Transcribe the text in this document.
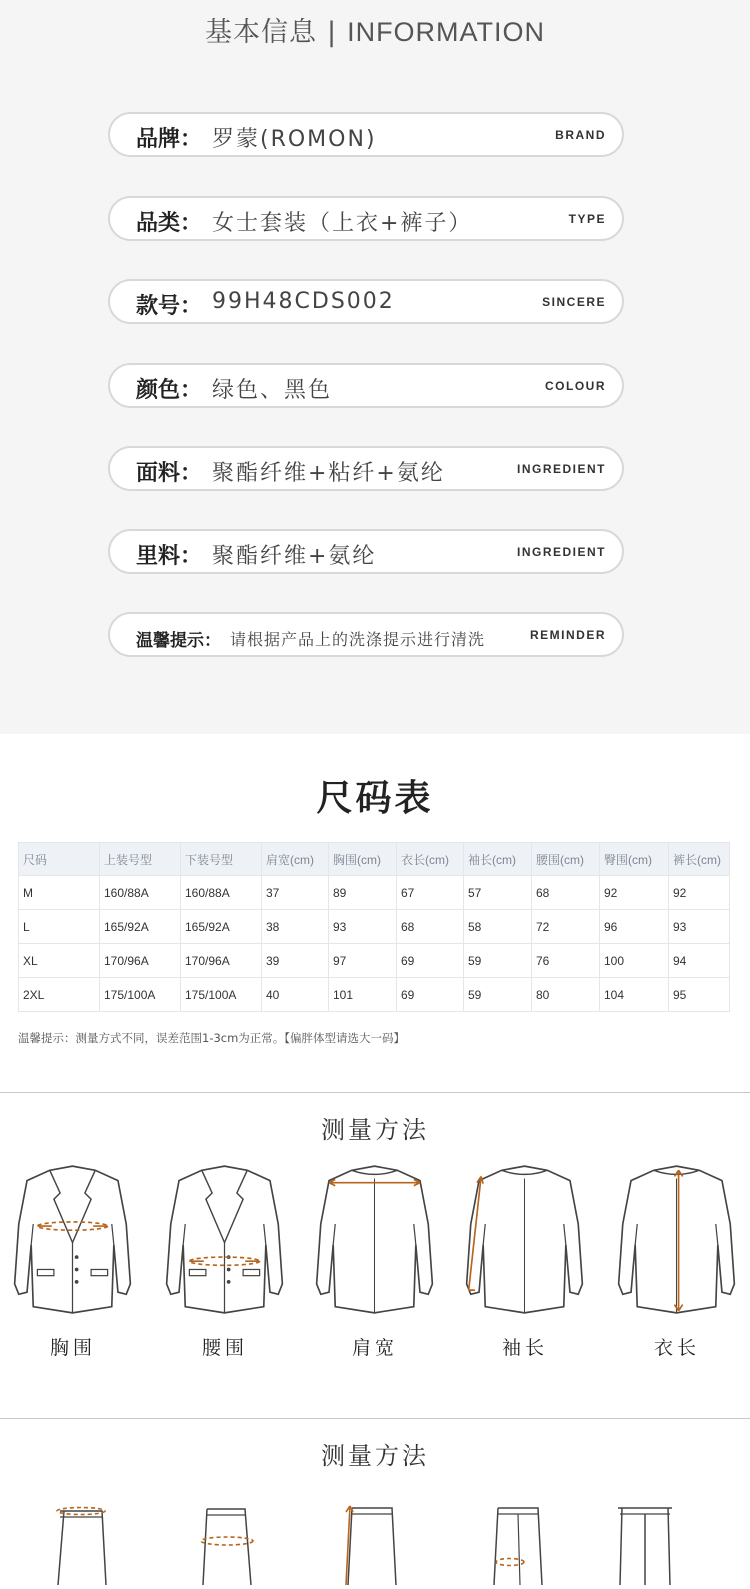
基本信息 | INFORMATION
品牌： 罗蒙(ROMON)	BRAND
品类： 女士套装（上衣+裤子）	TYPE
款号： 99H48CDS002	SINCERE
颜色： 绿色、黑色	COLOUR
面料： 聚酯纤维+粘纤+氨纶	INGREDIENT
里料： 聚酯纤维+氨纶	INGREDIENT
温馨提示： 请根据产品上的洗涤提示进行清洗	REMINDER
尺码表
尺码	上装号型	下装号型	肩宽(cm)	胸围(cm)	衣长(cm)	袖长(cm)	腰围(cm)	臀围(cm)	裤长(cm)
M	160/88A	160/88A	37	89	67	57	68	92	92
L	165/92A	165/92A	38	93	68	58	72	96	93
XL	170/96A	170/96A	39	97	69	59	76	100	94
2XL	175/100A	175/100A	40	101	69	59	80	104	95
温馨提示：测量方式不同，误差范围1-3cm为正常。【偏胖体型请选大一码】
测量方法
胸围	腰围	肩宽	袖长	衣长
测量方法
